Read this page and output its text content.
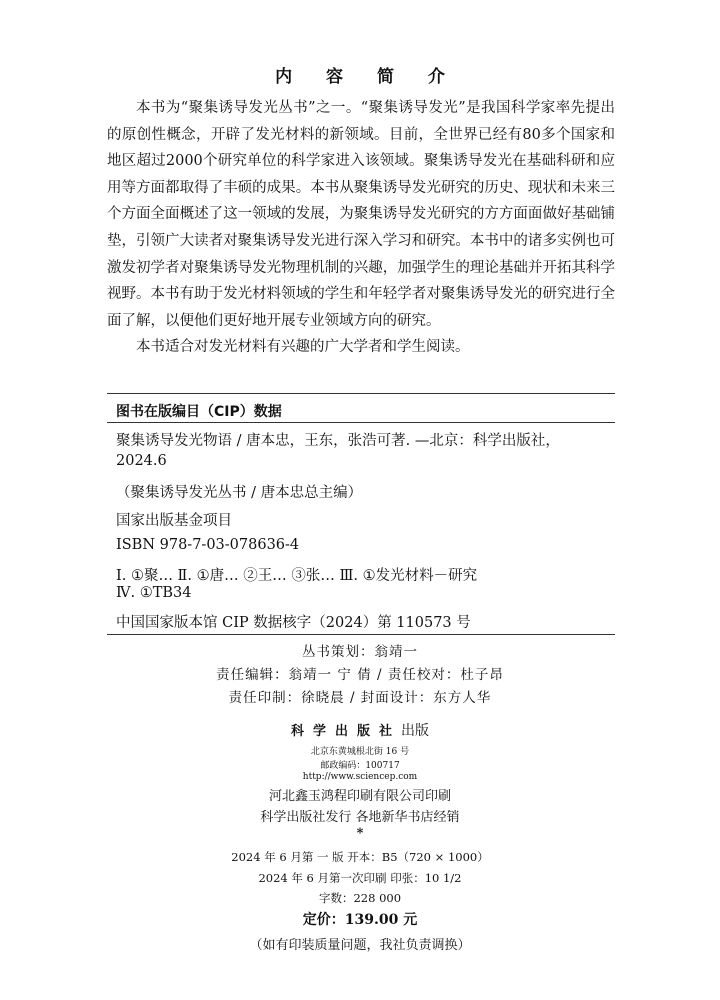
内 容 简 介

本书为“聚集诱导发光丛书”之一。“聚集诱导发光”是我国科学家率先提出的原创性概念，开辟了发光材料的新领域。目前，全世界已经有80多个国家和地区超过2000个研究单位的科学家进入该领域。聚集诱导发光在基础科研和应用等方面都取得了丰硕的成果。本书从聚集诱导发光研究的历史、现状和未来三个方面全面概述了这一领域的发展，为聚集诱导发光研究的方方面面做好基础铺垫，引领广大读者对聚集诱导发光进行深入学习和研究。本书中的诸多实例也可激发初学者对聚集诱导发光物理机制的兴趣，加强学生的理论基础并开拓其科学视野。本书有助于发光材料领域的学生和年轻学者对聚集诱导发光的研究进行全面了解，以便他们更好地开展专业领域方向的研究。

本书适合对发光材料有兴趣的广大学者和学生阅读。

图书在版编目（CIP）数据
聚集诱导发光物语 / 唐本忠，王东，张浩可著. —北京：科学出版社，
2024.6
（聚集诱导发光丛书 / 唐本忠总主编）
国家出版基金项目
ISBN 978-7-03-078636-4
Ⅰ. ①聚… Ⅱ. ①唐… ②王… ③张… Ⅲ. ①发光材料－研究
Ⅳ. ①TB34
中国国家版本馆 CIP 数据核字（2024）第 110573 号
丛书策划：翁靖一
责任编辑：翁靖一 宁 倩 / 责任校对：杜子昂
责任印制：徐晓晨 / 封面设计：东方人华
科学出版社出版
北京东黄城根北街 16 号
邮政编码：100717
http://www.sciencep.com
河北鑫玉鸿程印刷有限公司印刷
科学出版社发行 各地新华书店经销
*
2024 年 6 月第 一 版 开本：B5（720 × 1000）
2024 年 6 月第一次印刷 印张：10 1/2
字数：228 000
定价：139.00 元
（如有印装质量问题，我社负责调换）
